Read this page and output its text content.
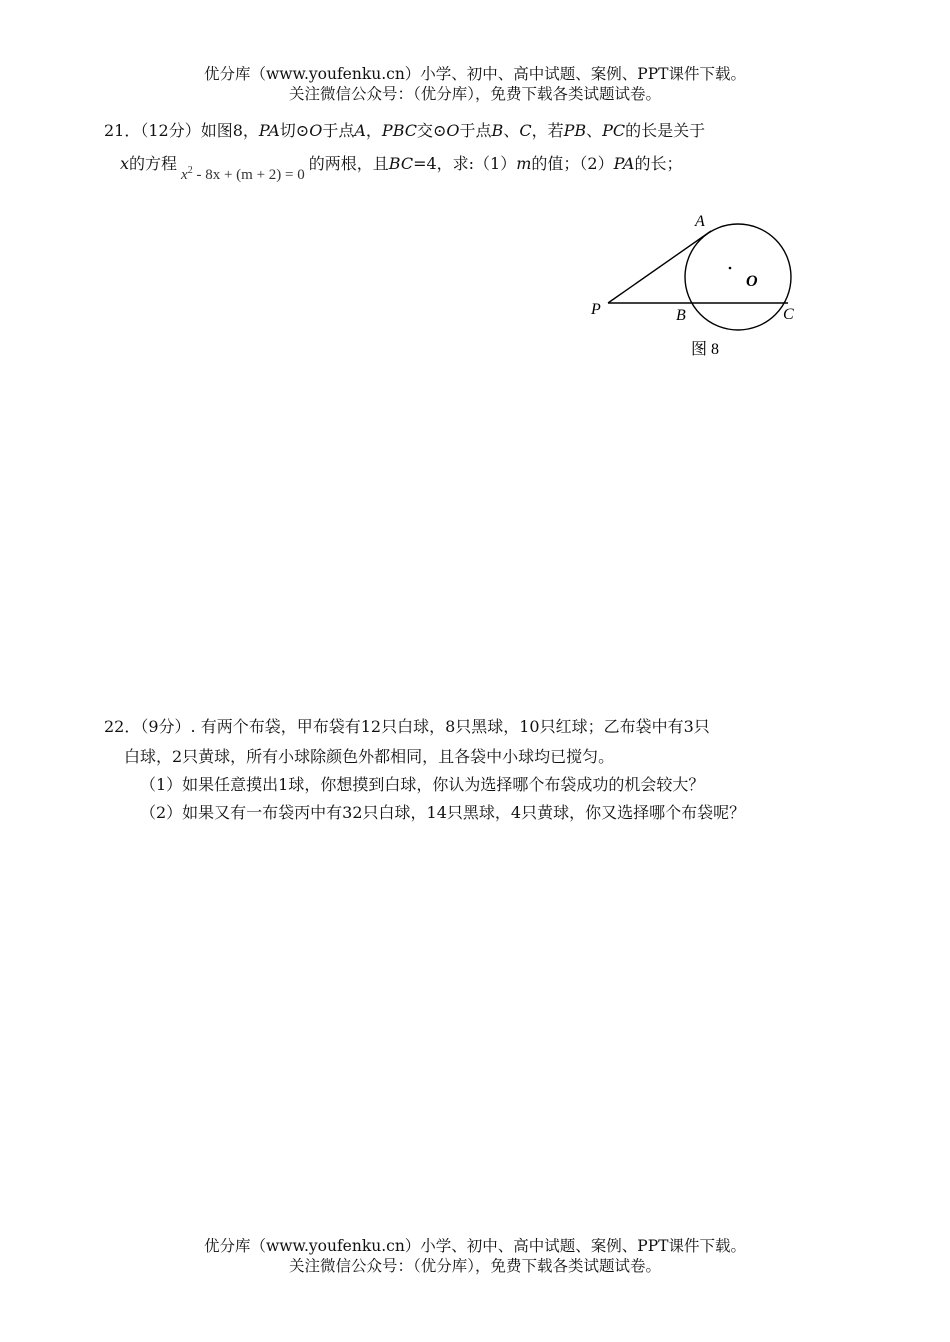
优分库（www.youfenku.cn）小学、初中、高中试题、案例、PPT课件下载。
关注微信公众号：（优分库），免费下载各类试题试卷。
21．（12分）如图8，PA切⊙O于点A，PBC交⊙O于点B、C，若PB、PC的长是关于
x的方程$x^2 - 8x + (m + 2) = 0$的两根，且BC=4，求:（1）m的值；（2）PA的长；
A
O
P	B	C
图 8
22．（9分）. 有两个布袋，甲布袋有12只白球，8只黑球，10只红球；乙布袋中有3只
白球，2只黄球，所有小球除颜色外都相同，且各袋中小球均已搅匀。
（1）如果任意摸出1球，你想摸到白球，你认为选择哪个布袋成功的机会较大？
（2）如果又有一布袋丙中有32只白球，14只黑球，4只黄球，你又选择哪个布袋呢？
优分库（www.youfenku.cn）小学、初中、高中试题、案例、PPT课件下载。
关注微信公众号：（优分库），免费下载各类试题试卷。
